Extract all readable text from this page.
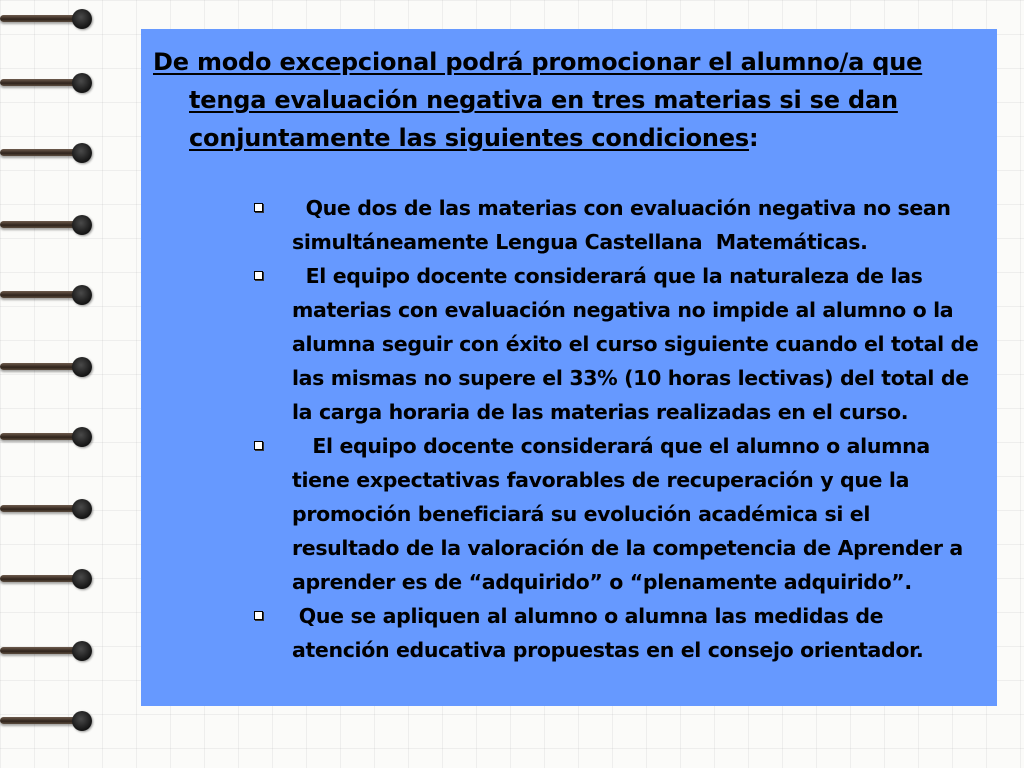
De modo excepcional podrá promocionar el alumno/a que tenga evaluación negativa en tres materias si se dan conjuntamente las siguientes condiciones:

Que dos de las materias con evaluación negativa no sean simultáneamente Lengua Castellana  Matemáticas.
El equipo docente considerará que la naturaleza de las materias con evaluación negativa no impide al alumno o la alumna seguir con éxito el curso siguiente cuando el total de las mismas no supere el 33% (10 horas lectivas) del total de la carga horaria de las materias realizadas en el curso.
El equipo docente considerará que el alumno o alumna tiene expectativas favorables de recuperación y que la promoción beneficiará su evolución académica si el resultado de la valoración de la competencia de Aprender a aprender es de “adquirido” o “plenamente adquirido”.
Que se apliquen al alumno o alumna las medidas de atención educativa propuestas en el consejo orientador.
